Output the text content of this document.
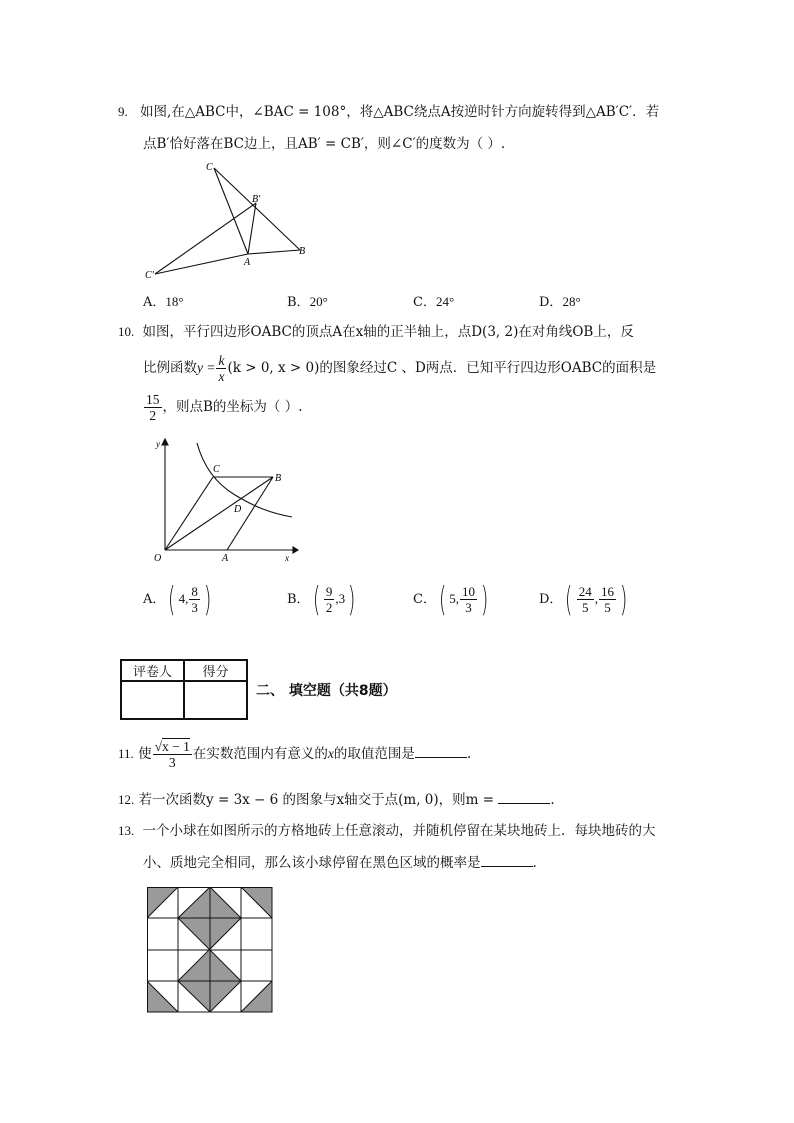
9. 如图,在△ABC中，∠BAC = 108°，将△ABC绕点A按逆时针方向旋转得到△AB′C′．若
点B′恰好落在BC边上，且AB′ = CB′，则∠C′的度数为（ ）.
C
B′
B
A
C′
A．18°	B．20°	C．24°	D．28°
10. 如图，平行四边形OABC的顶点A在x轴的正半轴上，点D(3, 2)在对角线OB上，反
比例函数$y = \frac{k}{x} (k > 0$, x > 0)的图象经过C 、D两点．已知平行四边形OABC的面积是
$\frac{15}{2}$ ，则点B的坐标为（ ）.
y
C
B
D
O	A	x
A．( 4, $\frac{8}{3}$ )	B．( $\frac{9}{2} ,3$)	C．( 5, $\frac{10}{3}$ )	D．( $\frac{24}{5}$ , $\frac{16}{5}$ )
评卷人	得分

二、 填空题（共8题）
11. 使 $\frac{√x - 1}{3}$ 在实数范围内有意义的x的取值范围是	.
12. 若一次函数y = 3x − 6 的图象与x轴交于点(m, 0)，则m =	.
13. 一个小球在如图所示的方格地砖上任意滚动，并随机停留在某块地砖上．每块地砖的大
小、质地完全相同，那么该小球停留在黑色区域的概率是	.
